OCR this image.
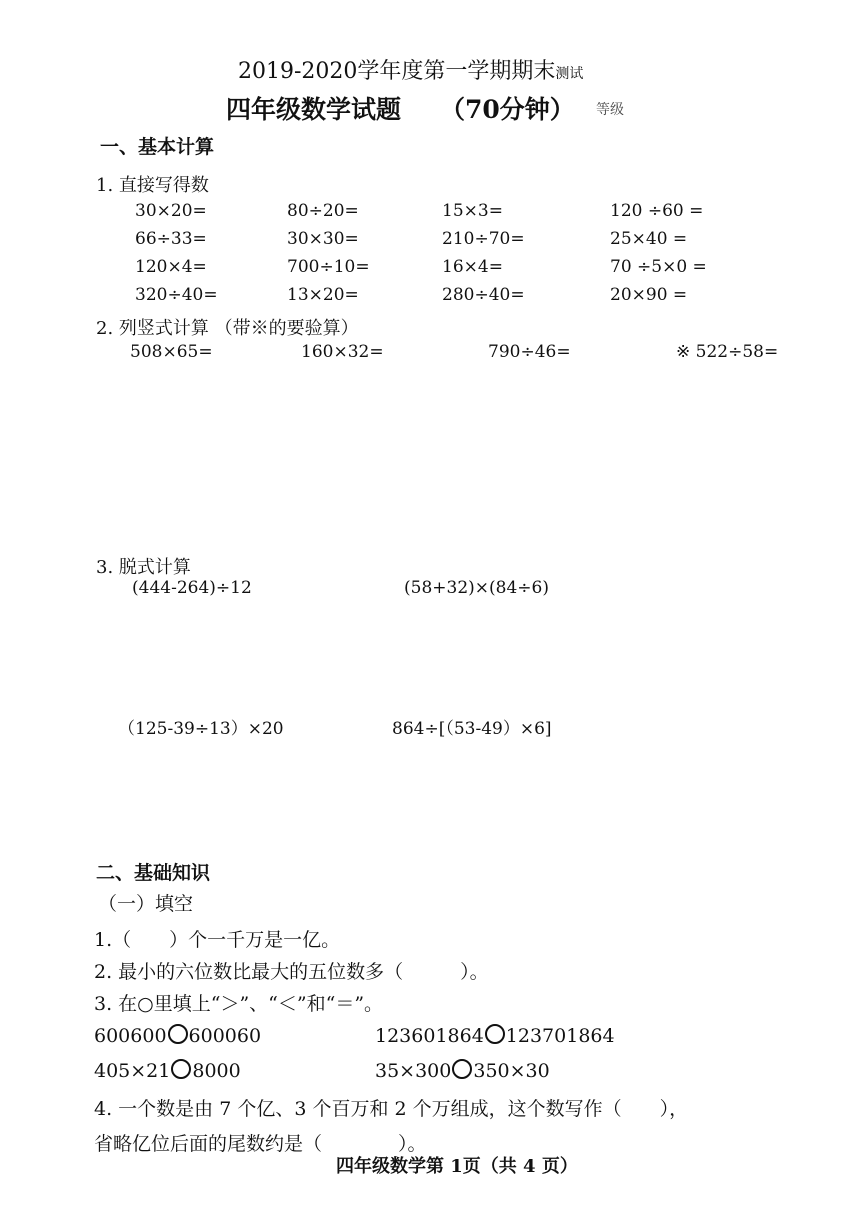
2019-2020学年度第一学期期末测试
四年级数学试题 （70分钟） 等级
一、基本计算
1. 直接写得数
30×20=	80÷20=	15×3=	120 ÷60 =
66÷33=	30×30=	210÷70=	25×40 =
120×4=	700÷10=	16×4=	70 ÷5×0 =
320÷40=	13×20=	280÷40=	20×90 =
2. 列竖式计算 （带※的要验算）
508×65=	160×32=	790÷46=	※ 522÷58=
3. 脱式计算
(444-264)÷12	(58+32)×(84÷6)
（125-39÷13）×20	864÷[（53-49）×6]
二、基础知识
（一）填空
1.（　　）个一千万是一亿。
2. 最小的六位数比最大的五位数多（　　　）。
3. 在○里填上“＞”、“＜”和“＝”。
600600 600060	123601864 123701864
405×21 8000	35×300 350×30
4. 一个数是由 7 个亿、3 个百万和 2 个万组成，这个数写作（　　），
省略亿位后面的尾数约是（　　　　）。
四年级数学第 1页（共 4 页）
